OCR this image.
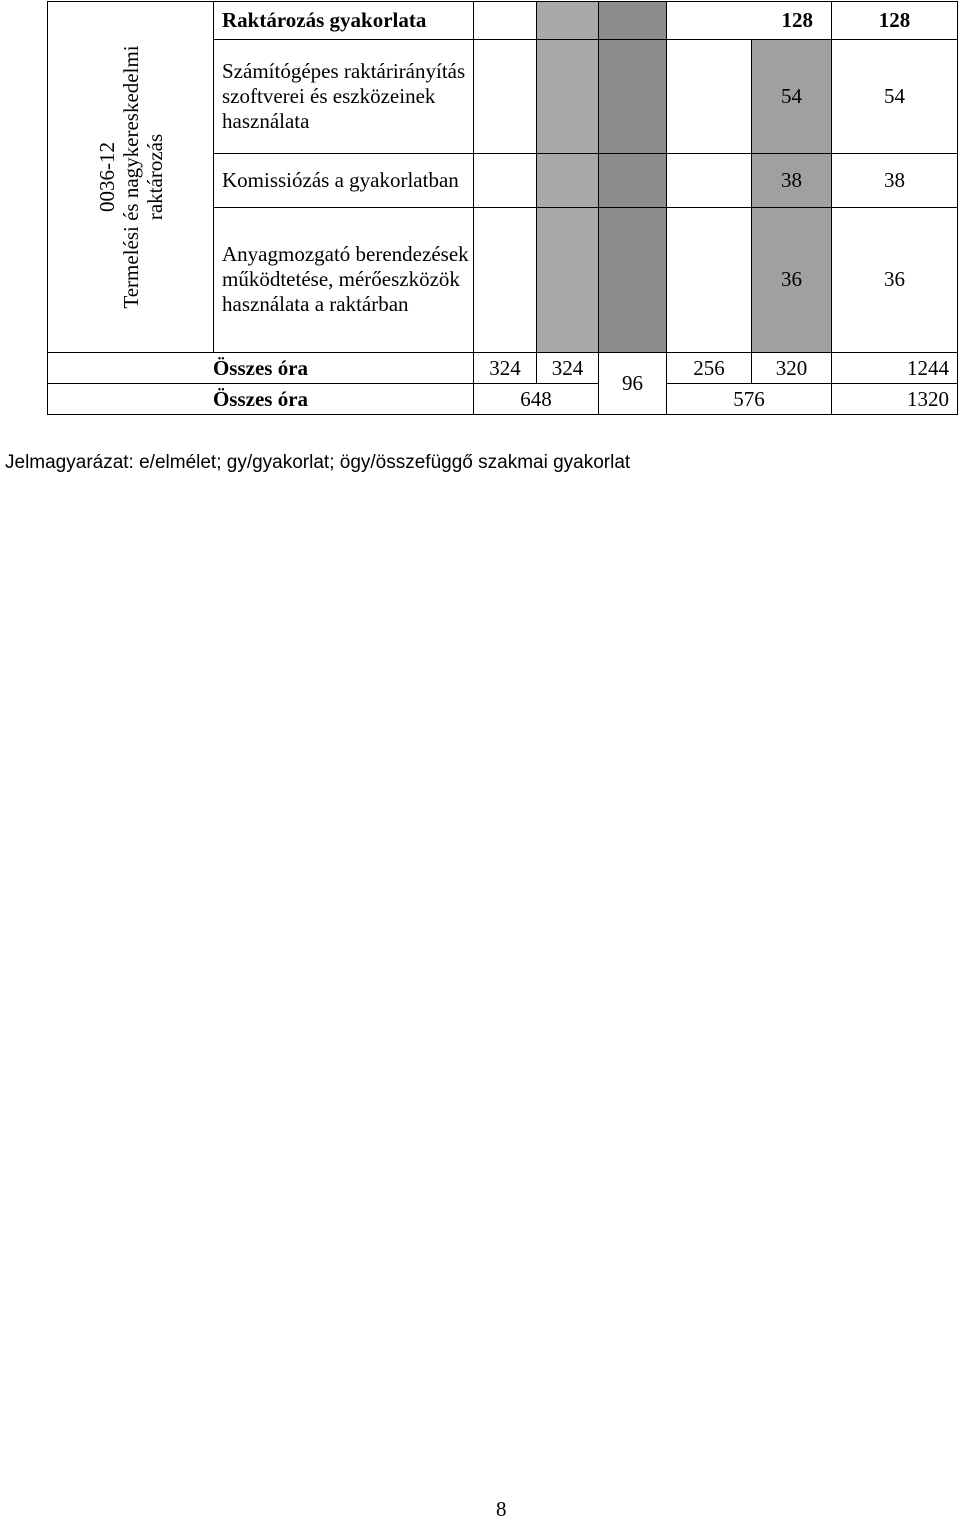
0036-12 Termelési és nagykereskedelmi raktározás	Raktározás gyakorlata				128		128
	Számítógépes raktárirányítás szoftverei és eszközeinek használata					54	54
	Komissiózás a gyakorlatban					38	38
	Anyagmozgató berendezések működtetése, mérőeszközök használata a raktárban					36	36
Összes óra		324	324	96	256	320	1244
Összes óra		648			576		1320
Jelmagyarázat: e/elmélet; gy/gyakorlat; ögy/összefüggő szakmai gyakorlat
8
